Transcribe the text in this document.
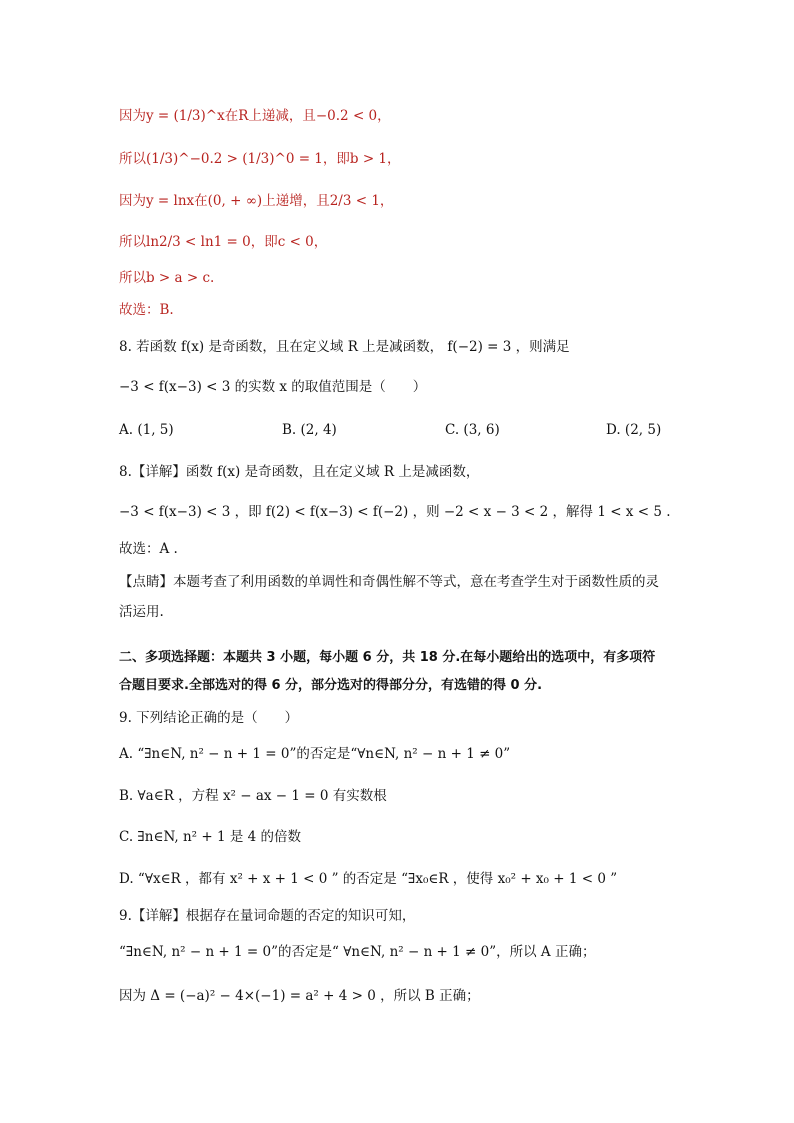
因为y = (1/3)^x在R上递减，且−0.2 < 0，
所以(1/3)^−0.2 > (1/3)^0 = 1，即b > 1，
因为y = lnx在(0, + ∞)上递增，且2/3 < 1，
所以ln2/3 < ln1 = 0，即c < 0，
所以b > a > c.
故选：B.
8. 若函数 f(x) 是奇函数，且在定义域 R 上是减函数， f(−2) = 3 ，则满足
−3 < f(x−3) < 3 的实数 x 的取值范围是（　　）
A. (1, 5)	B. (2, 4)	C. (3, 6)	D. (2, 5)
8.【详解】函数 f(x) 是奇函数，且在定义域 R 上是减函数，
−3 < f(x−3) < 3 ，即 f(2) < f(x−3) < f(−2) ，则 −2 < x − 3 < 2 ，解得 1 < x < 5 .
故选：A .
【点睛】本题考查了利用函数的单调性和奇偶性解不等式，意在考查学生对于函数性质的灵
活运用.
二、多项选择题：本题共 3 小题，每小题 6 分，共 18 分.在每小题给出的选项中，有多项符
合题目要求.全部选对的得 6 分，部分选对的得部分分，有选错的得 0 分.
9. 下列结论正确的是（　　）
A. “∃n∈N, n² − n + 1 = 0”的否定是“∀n∈N, n² − n + 1 ≠ 0”
B. ∀a∈R ，方程 x² − ax − 1 = 0 有实数根
C. ∃n∈N, n² + 1 是 4 的倍数
D. “∀x∈R ，都有 x² + x + 1 < 0 ” 的否定是 “∃x₀∈R ，使得 x₀² + x₀ + 1 < 0 ”
9.【详解】根据存在量词命题的否定的知识可知，
“∃n∈N, n² − n + 1 = 0”的否定是“ ∀n∈N, n² − n + 1 ≠ 0”，所以 A 正确；
因为 Δ = (−a)² − 4×(−1) = a² + 4 > 0 ，所以 B 正确；
